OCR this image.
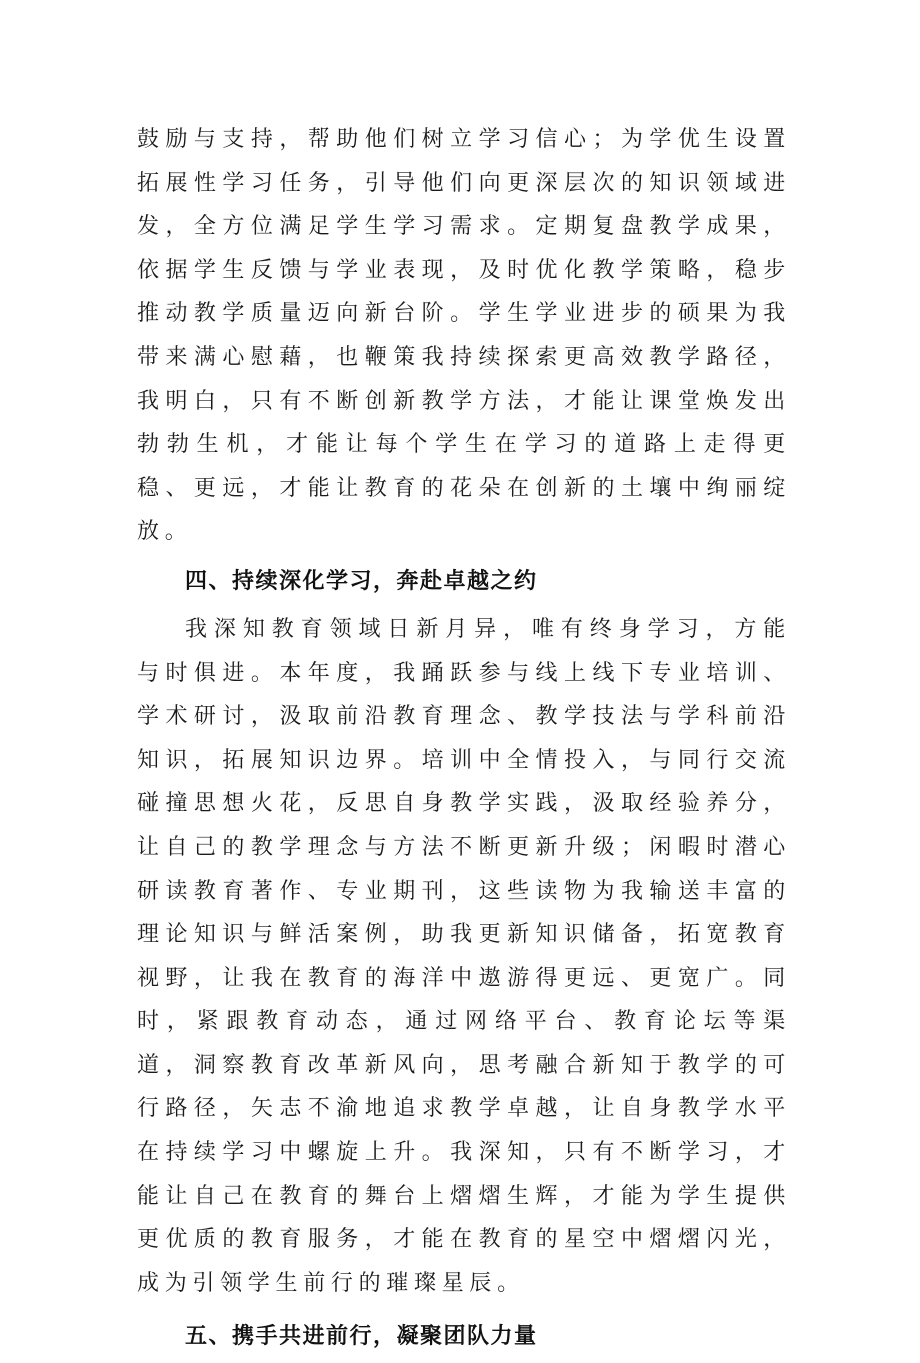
鼓励与支持，帮助他们树立学习信心；为学优生设置拓展性学习任务，引导他们向更深层次的知识领域进发，全方位满足学生学习需求。定期复盘教学成果，依据学生反馈与学业表现，及时优化教学策略，稳步推动教学质量迈向新台阶。学生学业进步的硕果为我带来满心慰藉，也鞭策我持续探索更高效教学路径，我明白，只有不断创新教学方法，才能让课堂焕发出勃勃生机，才能让每个学生在学习的道路上走得更稳、更远，才能让教育的花朵在创新的土壤中绚丽绽放。

四、持续深化学习，奔赴卓越之约

我深知教育领域日新月异，唯有终身学习，方能与时俱进。本年度，我踊跃参与线上线下专业培训、学术研讨，汲取前沿教育理念、教学技法与学科前沿知识，拓展知识边界。培训中全情投入，与同行交流碰撞思想火花，反思自身教学实践，汲取经验养分，让自己的教学理念与方法不断更新升级；闲暇时潜心研读教育著作、专业期刊，这些读物为我输送丰富的理论知识与鲜活案例，助我更新知识储备，拓宽教育视野，让我在教育的海洋中遨游得更远、更宽广。同时，紧跟教育动态，通过网络平台、教育论坛等渠道，洞察教育改革新风向，思考融合新知于教学的可行路径，矢志不渝地追求教学卓越，让自身教学水平在持续学习中螺旋上升。我深知，只有不断学习，才能让自己在教育的舞台上熠熠生辉，才能为学生提供更优质的教育服务，才能在教育的星空中熠熠闪光，成为引领学生前行的璀璨星辰。

五、携手共进前行，凝聚团队力量
